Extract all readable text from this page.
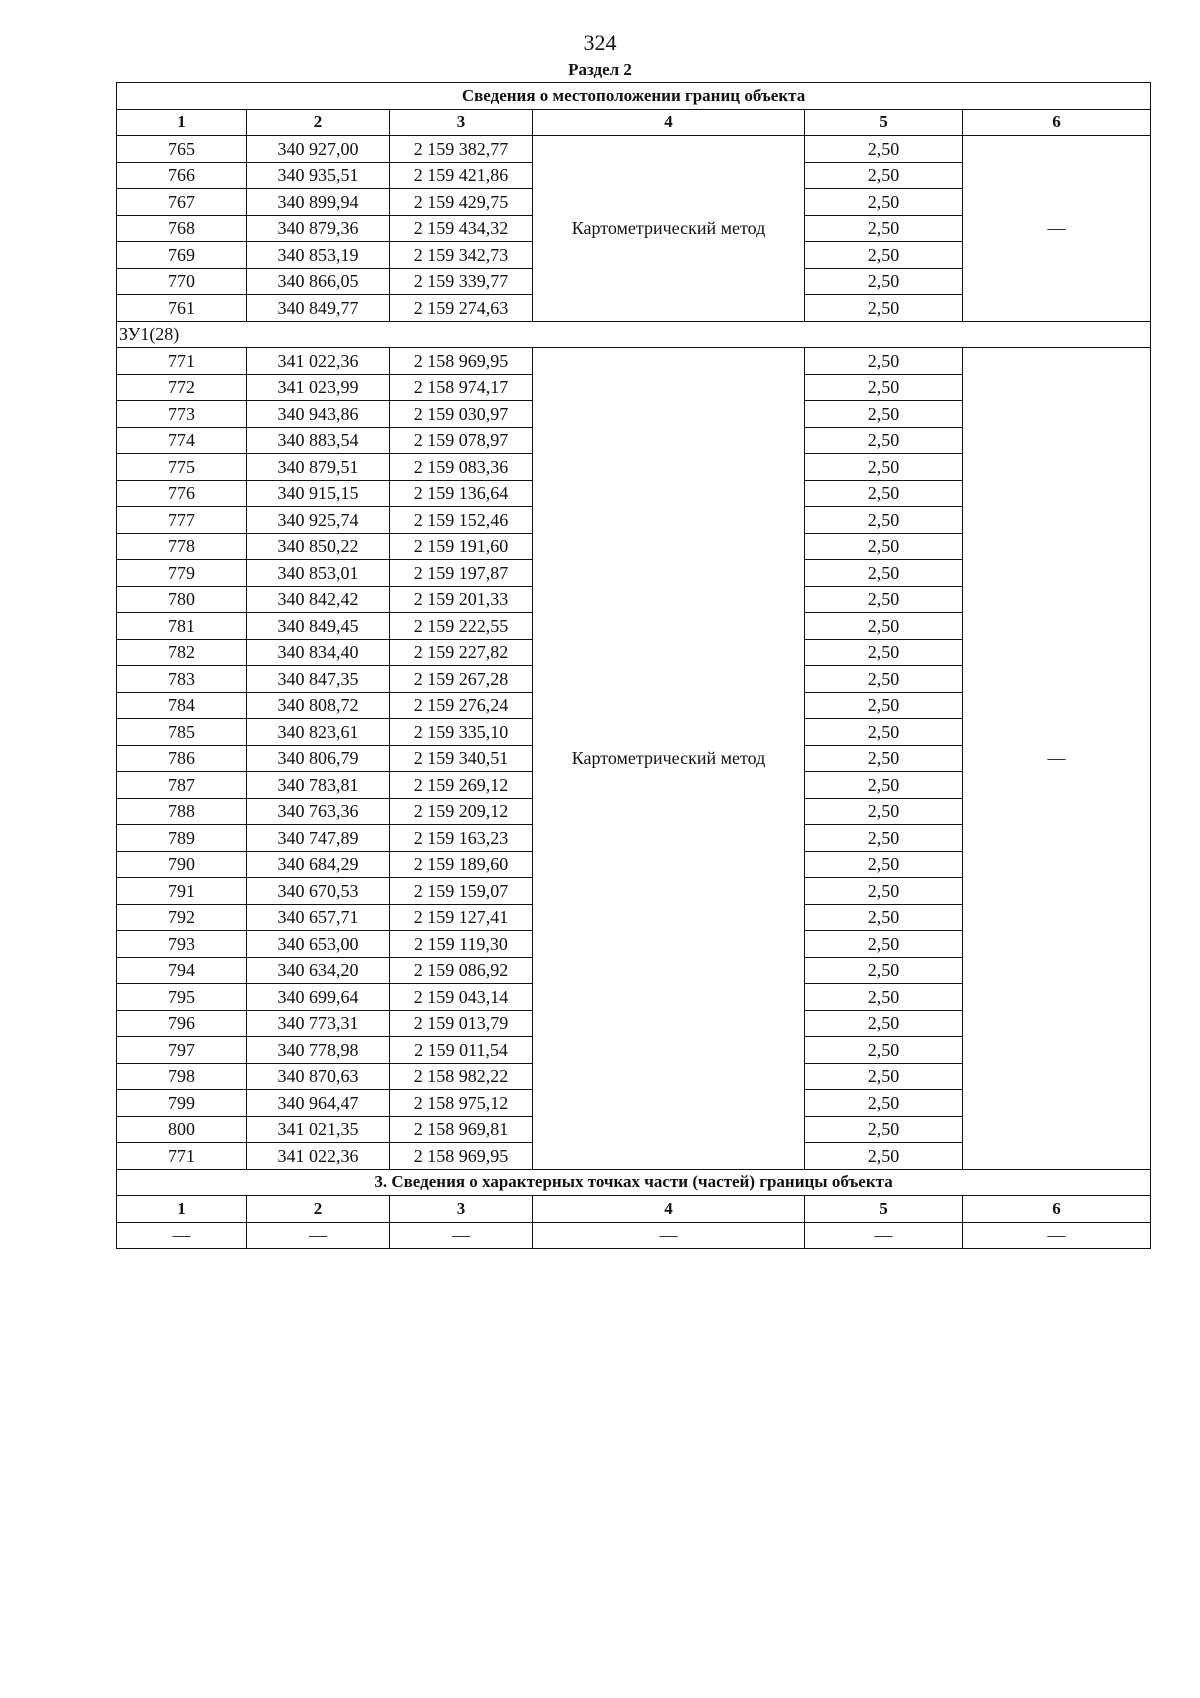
324
Раздел 2
Сведения о местоположении границ объекта					
1	2	3	4	5	6
765	340 927,00	2 159 382,77	Картометрический метод	2,50	—
766	340 935,51	2 159 421,86		2,50	
767	340 899,94	2 159 429,75		2,50	
768	340 879,36	2 159 434,32		2,50	
769	340 853,19	2 159 342,73		2,50	
770	340 866,05	2 159 339,77		2,50	
761	340 849,77	2 159 274,63		2,50	
ЗУ1(28)					
771	341 022,36	2 158 969,95	Картометрический метод	2,50	—
772	341 023,99	2 158 974,17		2,50	
773	340 943,86	2 159 030,97		2,50	
774	340 883,54	2 159 078,97		2,50	
775	340 879,51	2 159 083,36		2,50	
776	340 915,15	2 159 136,64		2,50	
777	340 925,74	2 159 152,46		2,50	
778	340 850,22	2 159 191,60		2,50	
779	340 853,01	2 159 197,87		2,50	
780	340 842,42	2 159 201,33		2,50	
781	340 849,45	2 159 222,55		2,50	
782	340 834,40	2 159 227,82		2,50	
783	340 847,35	2 159 267,28		2,50	
784	340 808,72	2 159 276,24		2,50	
785	340 823,61	2 159 335,10		2,50	
786	340 806,79	2 159 340,51		2,50	
787	340 783,81	2 159 269,12		2,50	
788	340 763,36	2 159 209,12		2,50	
789	340 747,89	2 159 163,23		2,50	
790	340 684,29	2 159 189,60		2,50	
791	340 670,53	2 159 159,07		2,50	
792	340 657,71	2 159 127,41		2,50	
793	340 653,00	2 159 119,30		2,50	
794	340 634,20	2 159 086,92		2,50	
795	340 699,64	2 159 043,14		2,50	
796	340 773,31	2 159 013,79		2,50	
797	340 778,98	2 159 011,54		2,50	
798	340 870,63	2 158 982,22		2,50	
799	340 964,47	2 158 975,12		2,50	
800	341 021,35	2 158 969,81		2,50	
771	341 022,36	2 158 969,95		2,50	
3. Сведения о характерных точках части (частей) границы объекта					
1	2	3	4	5	6
—	—	—	—	—	—
